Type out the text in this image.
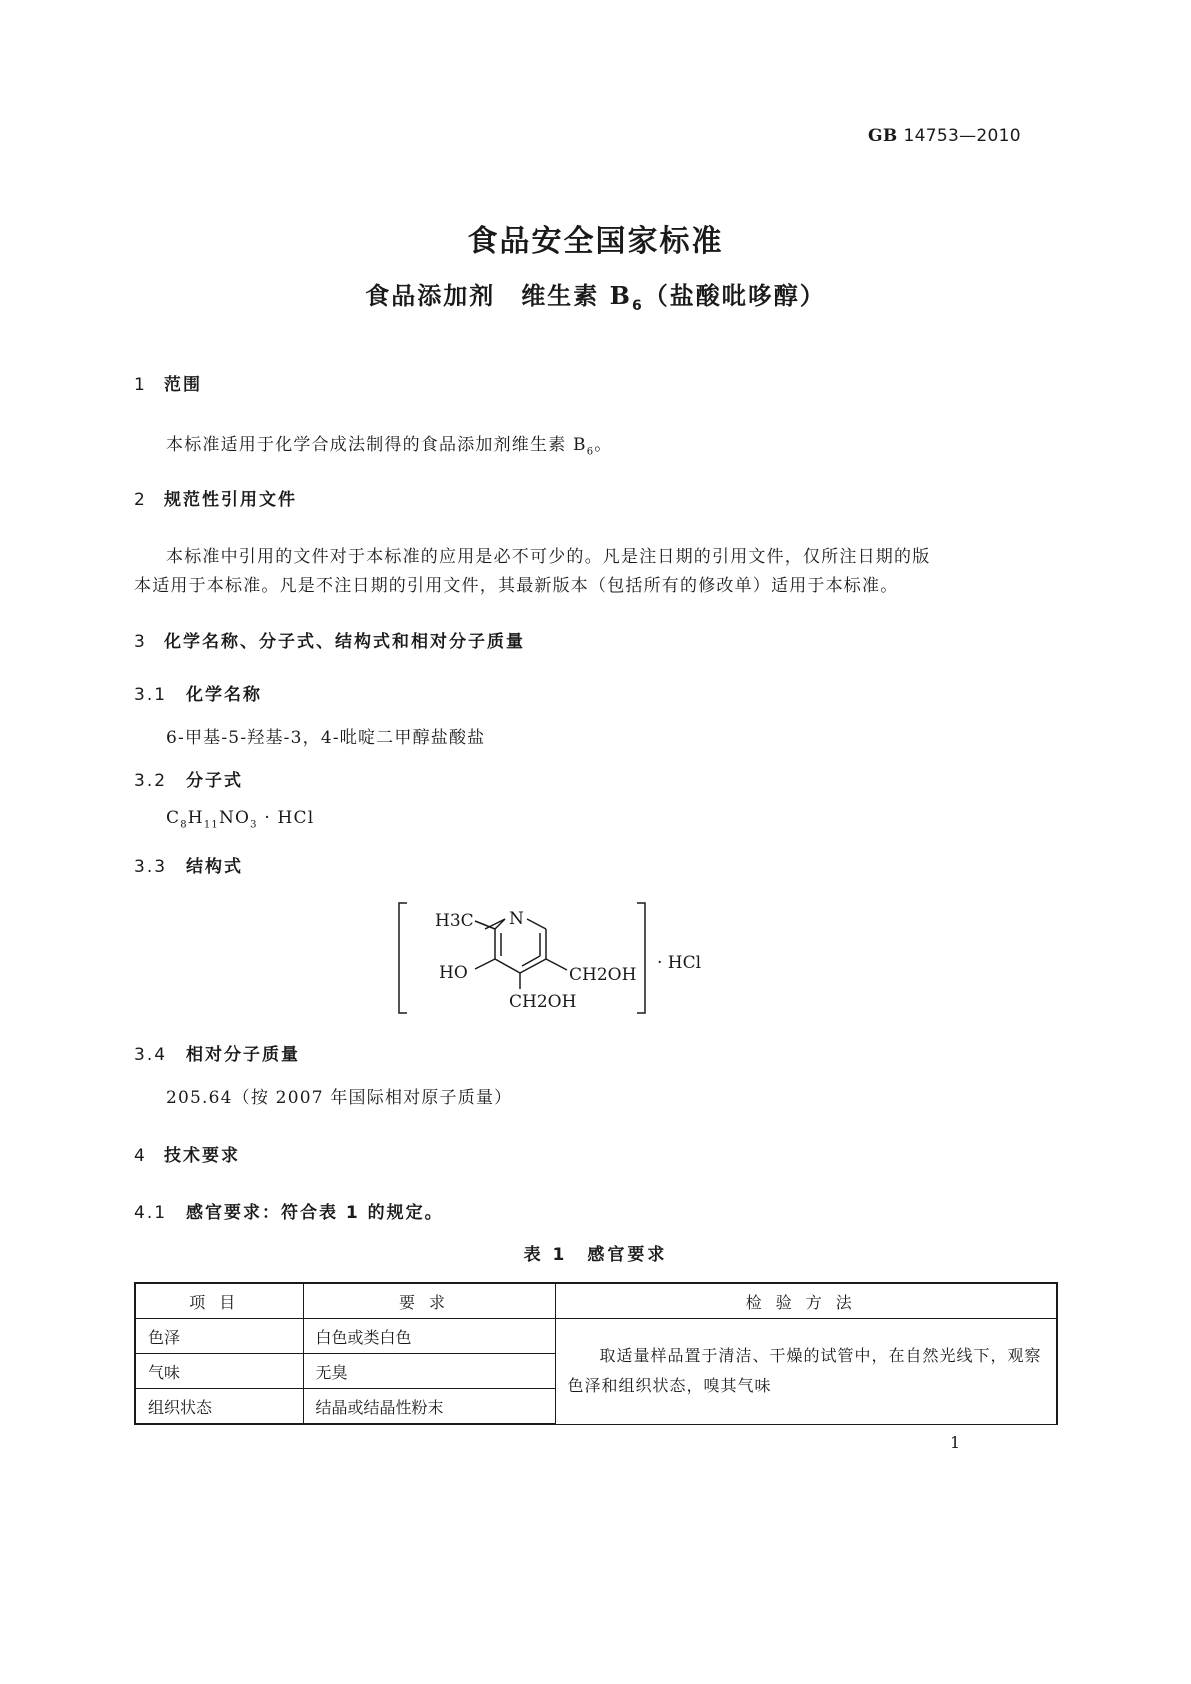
GB 14753—2010
食品安全国家标准
食品添加剂　维生素 $B_6$（盐酸吡哆醇）
1 范围
本标准适用于化学合成法制得的食品添加剂维生素 $B_6$。
2 规范性引用文件
本标准中引用的文件对于本标准的应用是必不可少的。凡是注日期的引用文件，仅所注日期的版
本适用于本标准。凡是不注日期的引用文件，其最新版本（包括所有的修改单）适用于本标准。
3 化学名称、分子式、结构式和相对分子质量
3.1 化学名称
6-甲基-5-羟基-3，4-吡啶二甲醇盐酸盐
3.2 分子式
$C_8H_{11}NO_3$ · HCl
3.3 结构式
H3C N
HO	CH2OH
CH2OH
· HCl
3.4 相对分子质量
205.64（按 2007 年国际相对原子质量）
4 技术要求
4.1 感官要求：符合表 1 的规定。
表 1　感官要求
项目	要求	检验方法
色泽	白色或类白色	取适量样品置于清洁、干燥的试管中，在自然光线下，观察色泽和组织状态，嗅其气味
气味	无臭	
组织状态	结晶或结晶性粉末	
1
